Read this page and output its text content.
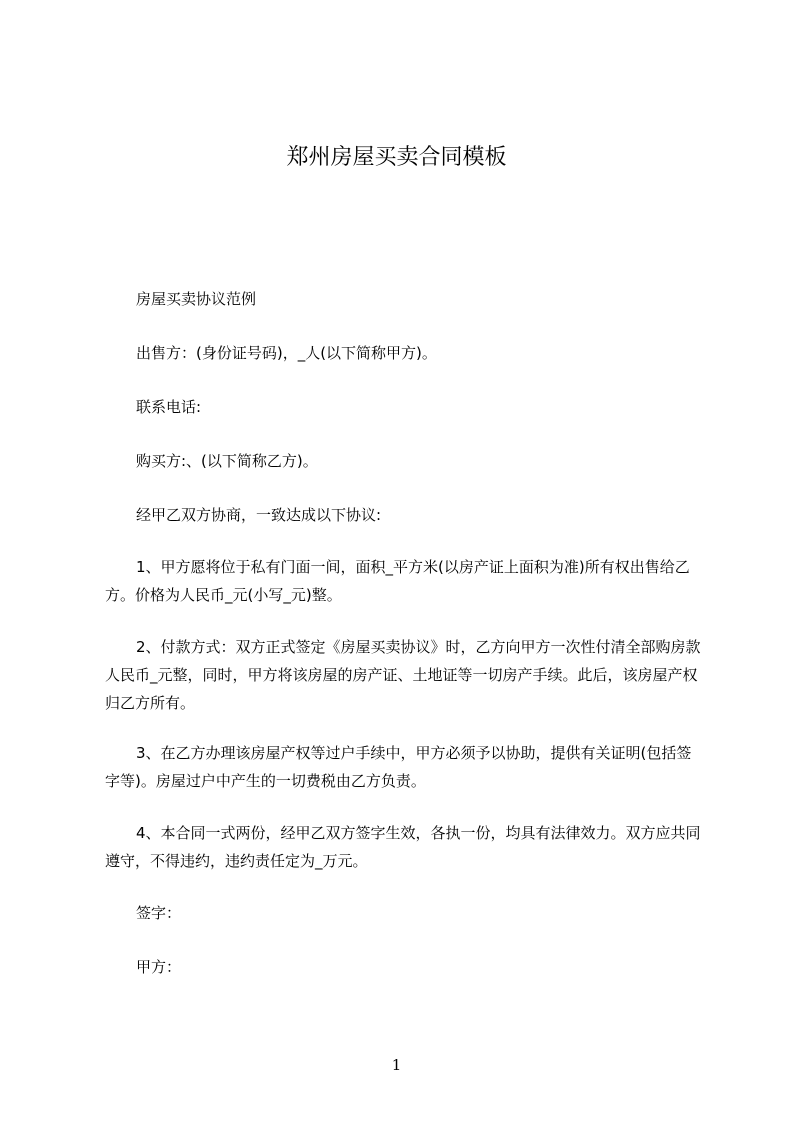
郑州房屋买卖合同模板

房屋买卖协议范例

出售方：(身份证号码)，_人(以下简称甲方)。

联系电话:

购买方:、(以下简称乙方)。

经甲乙双方协商，一致达成以下协议:

1、甲方愿将位于私有门面一间，面积_平方米(以房产证上面积为准)所有权出售给乙方。价格为人民币_元(小写_元)整。

2、付款方式：双方正式签定《房屋买卖协议》时，乙方向甲方一次性付清全部购房款人民币_元整，同时，甲方将该房屋的房产证、土地证等一切房产手续。此后，该房屋产权归乙方所有。

3、在乙方办理该房屋产权等过户手续中，甲方必须予以协助，提供有关证明(包括签字等)。房屋过户中产生的一切费税由乙方负责。

4、本合同一式两份，经甲乙双方签字生效，各执一份，均具有法律效力。双方应共同遵守，不得违约，违约责任定为_万元。

签字：

甲方：

1
